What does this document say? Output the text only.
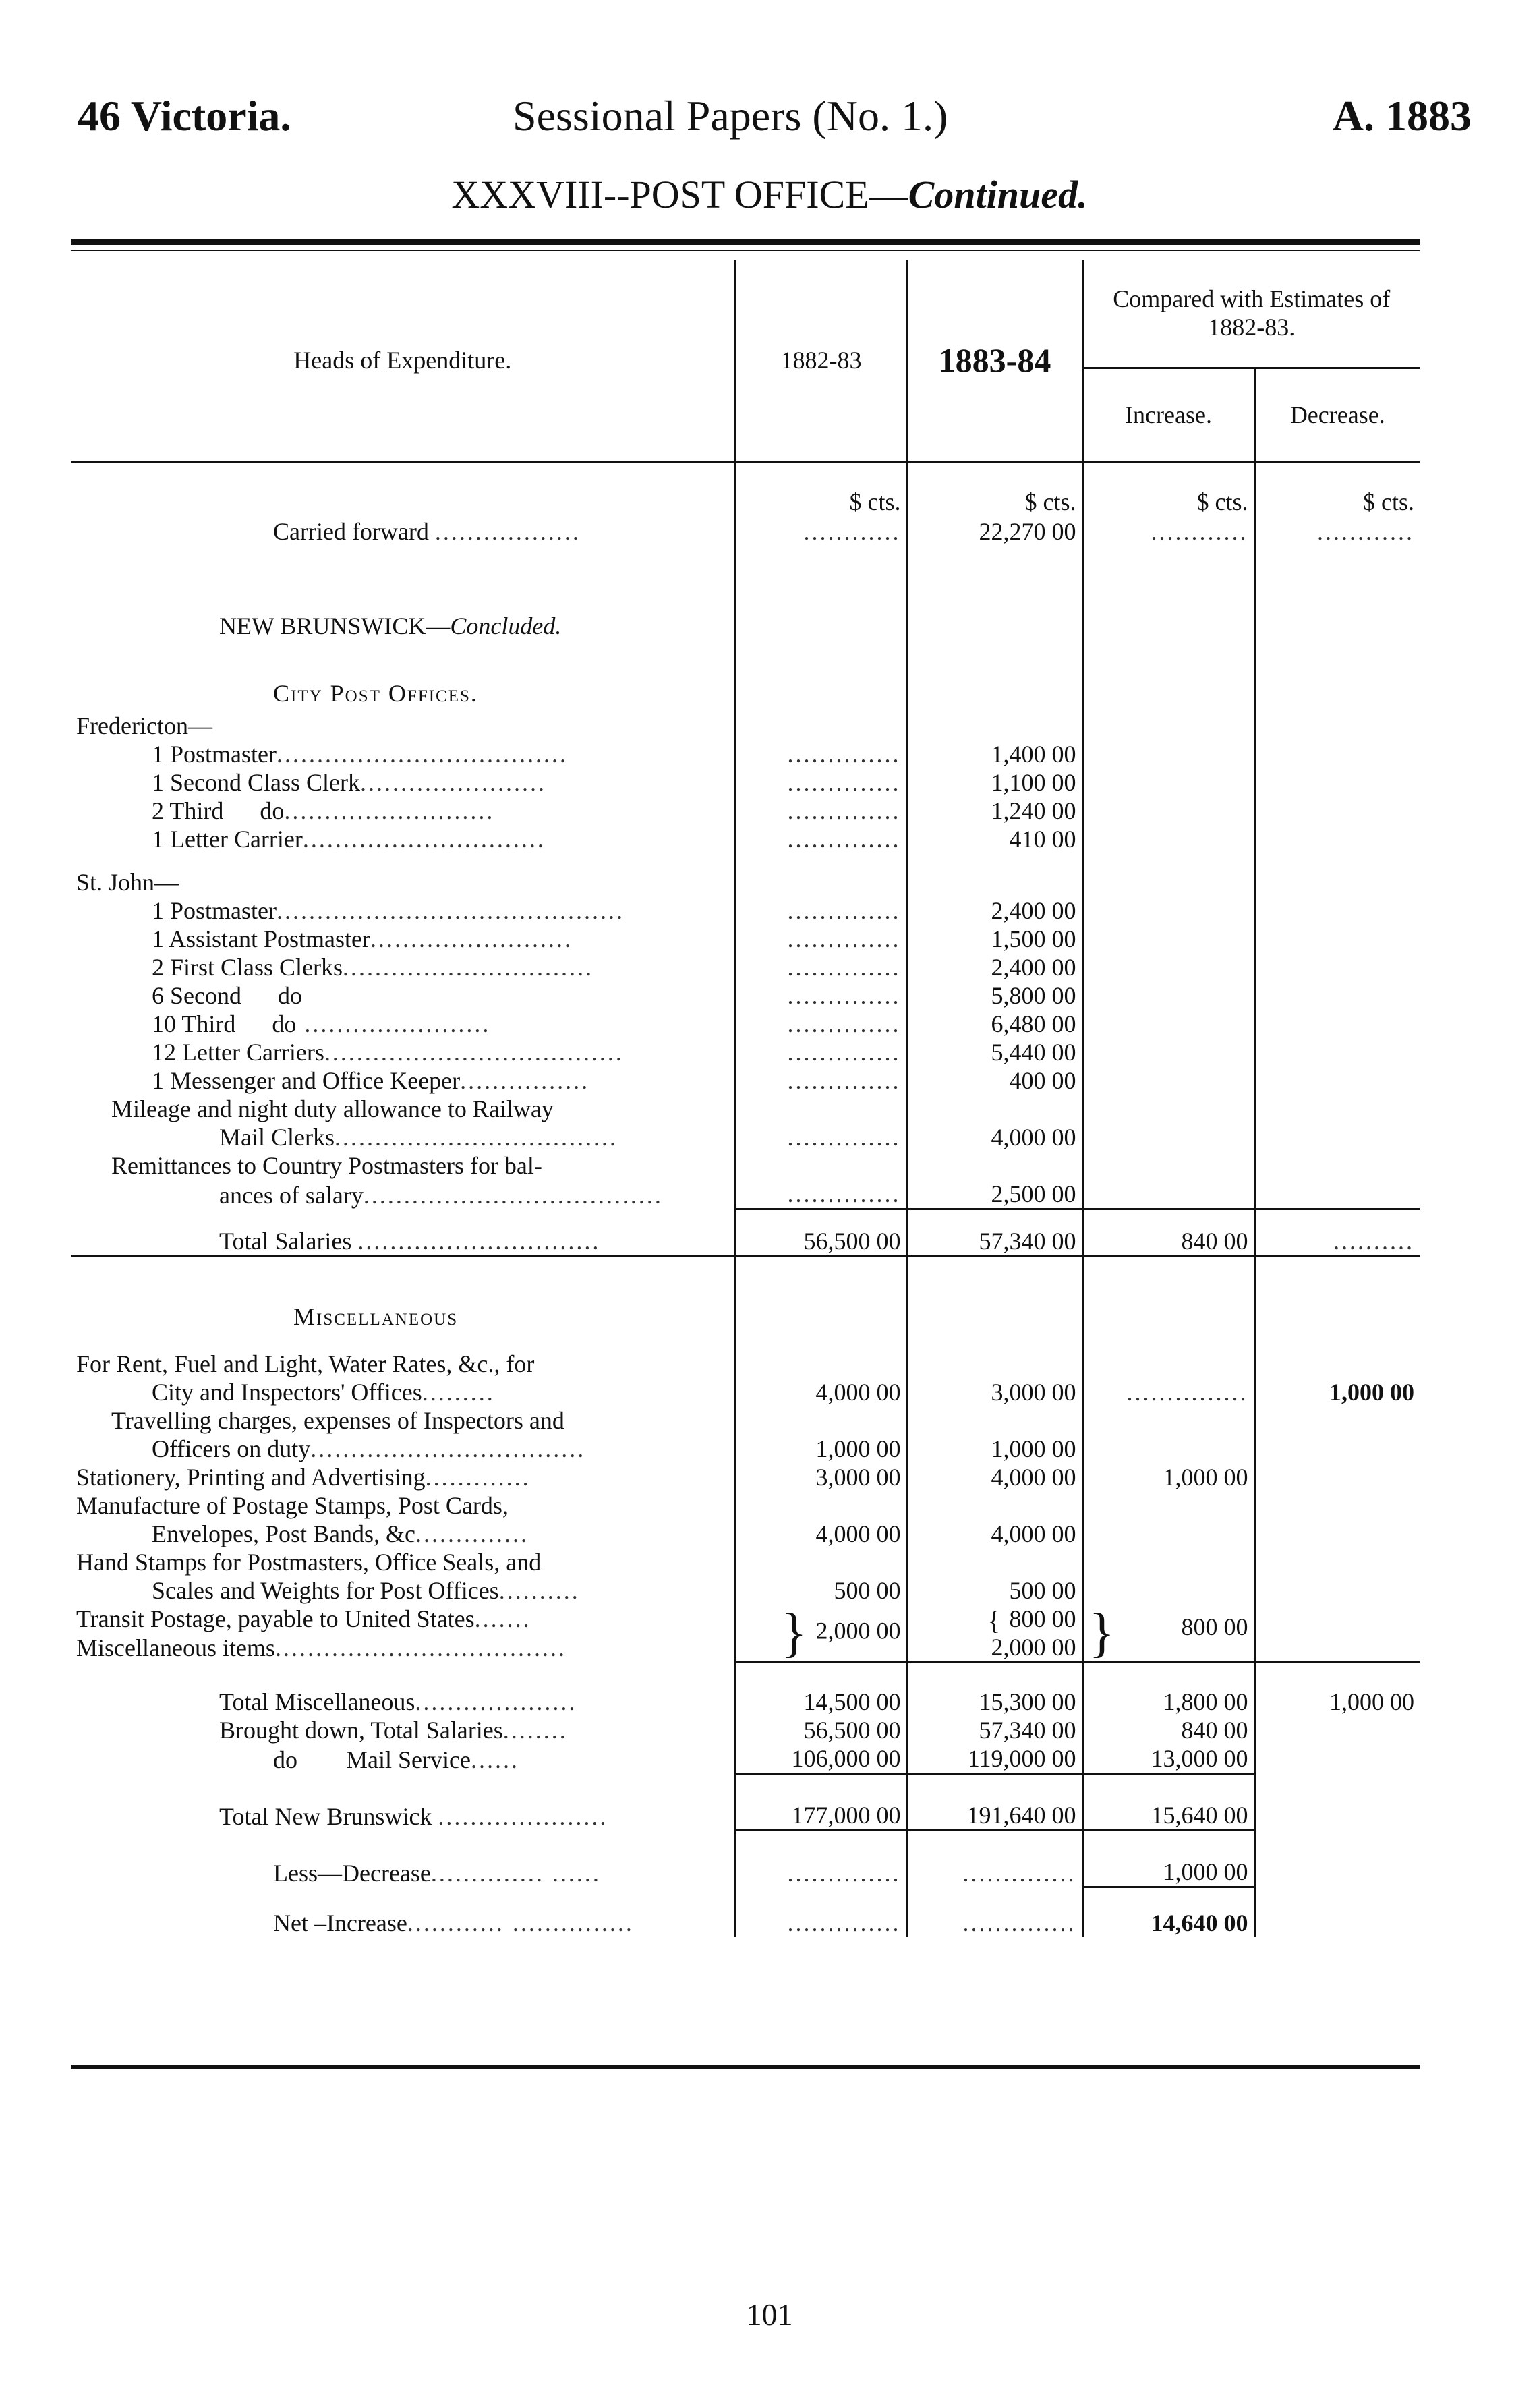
46 Victoria.	Sessional Papers (No. 1.)	A. 1883
XXXVIII--POST OFFICE—Continued.
Heads of Expenditure.	1882-83	1883-84	Compared with Estimates of 1882-83.	
			Increase.	Decrease.
	$ cts.	$ cts.	$ cts.	$ cts.
Carried forward ..................	............	22,270 00	............	............
NEW BRUNSWICK—Concluded.				
City Post Offices.				
Fredericton—				
1 Postmaster....................................	..............	1,400 00		
1 Second Class Clerk.......................	..............	1,100 00		
2 Third      do..........................	..............	1,240 00		
1 Letter Carrier..............................	..............	410 00		
St. John—				
1 Postmaster...........................................	..............	2,400 00		
1 Assistant Postmaster.........................	..............	1,500 00		
2 First Class Clerks...............................	..............	2,400 00		
6 Second      do	..............	5,800 00		
10 Third      do .......................	..............	6,480 00		
12 Letter Carriers.....................................	..............	5,440 00		
1 Messenger and Office Keeper................	..............	400 00		
Mileage and night duty allowance to Railway				
Mail Clerks...................................	..............	4,000 00		
Remittances to Country Postmasters for bal-				
ances of salary.....................................	..............	2,500 00		
Total Salaries ..............................	56,500 00	57,340 00	840 00	..........
Miscellaneous				
For Rent, Fuel and Light, Water Rates, &c., for				
City and Inspectors' Offices.........	4,000 00	3,000 00	...............	1,000 00
Travelling charges, expenses of Inspectors and				
Officers on duty..................................	1,000 00	1,000 00		
Stationery, Printing and Advertising.............	3,000 00	4,000 00	1,000 00	
Manufacture of Postage Stamps, Post Cards,				
Envelopes, Post Bands, &c..............	4,000 00	4,000 00		
Hand Stamps for Postmasters, Office Seals, and				
Scales and Weights for Post Offices..........	500 00	500 00		
Transit Postage, payable to United States.......	} 2,000 00	{ 800 00	} 800 00	
Miscellaneous items....................................		2,000 00		
Total Miscellaneous....................	14,500 00	15,300 00	1,800 00	1,000 00
Brought down, Total Salaries........	56,500 00	57,340 00	840 00	
do        Mail Service......	106,000 00	119,000 00	13,000 00	
Total New Brunswick .....................	177,000 00	191,640 00	15,640 00	
Less—Decrease.............. ......	..............	..............	1,000 00	
Net –Increase............ ...............	..............	..............	14,640 00	
101
